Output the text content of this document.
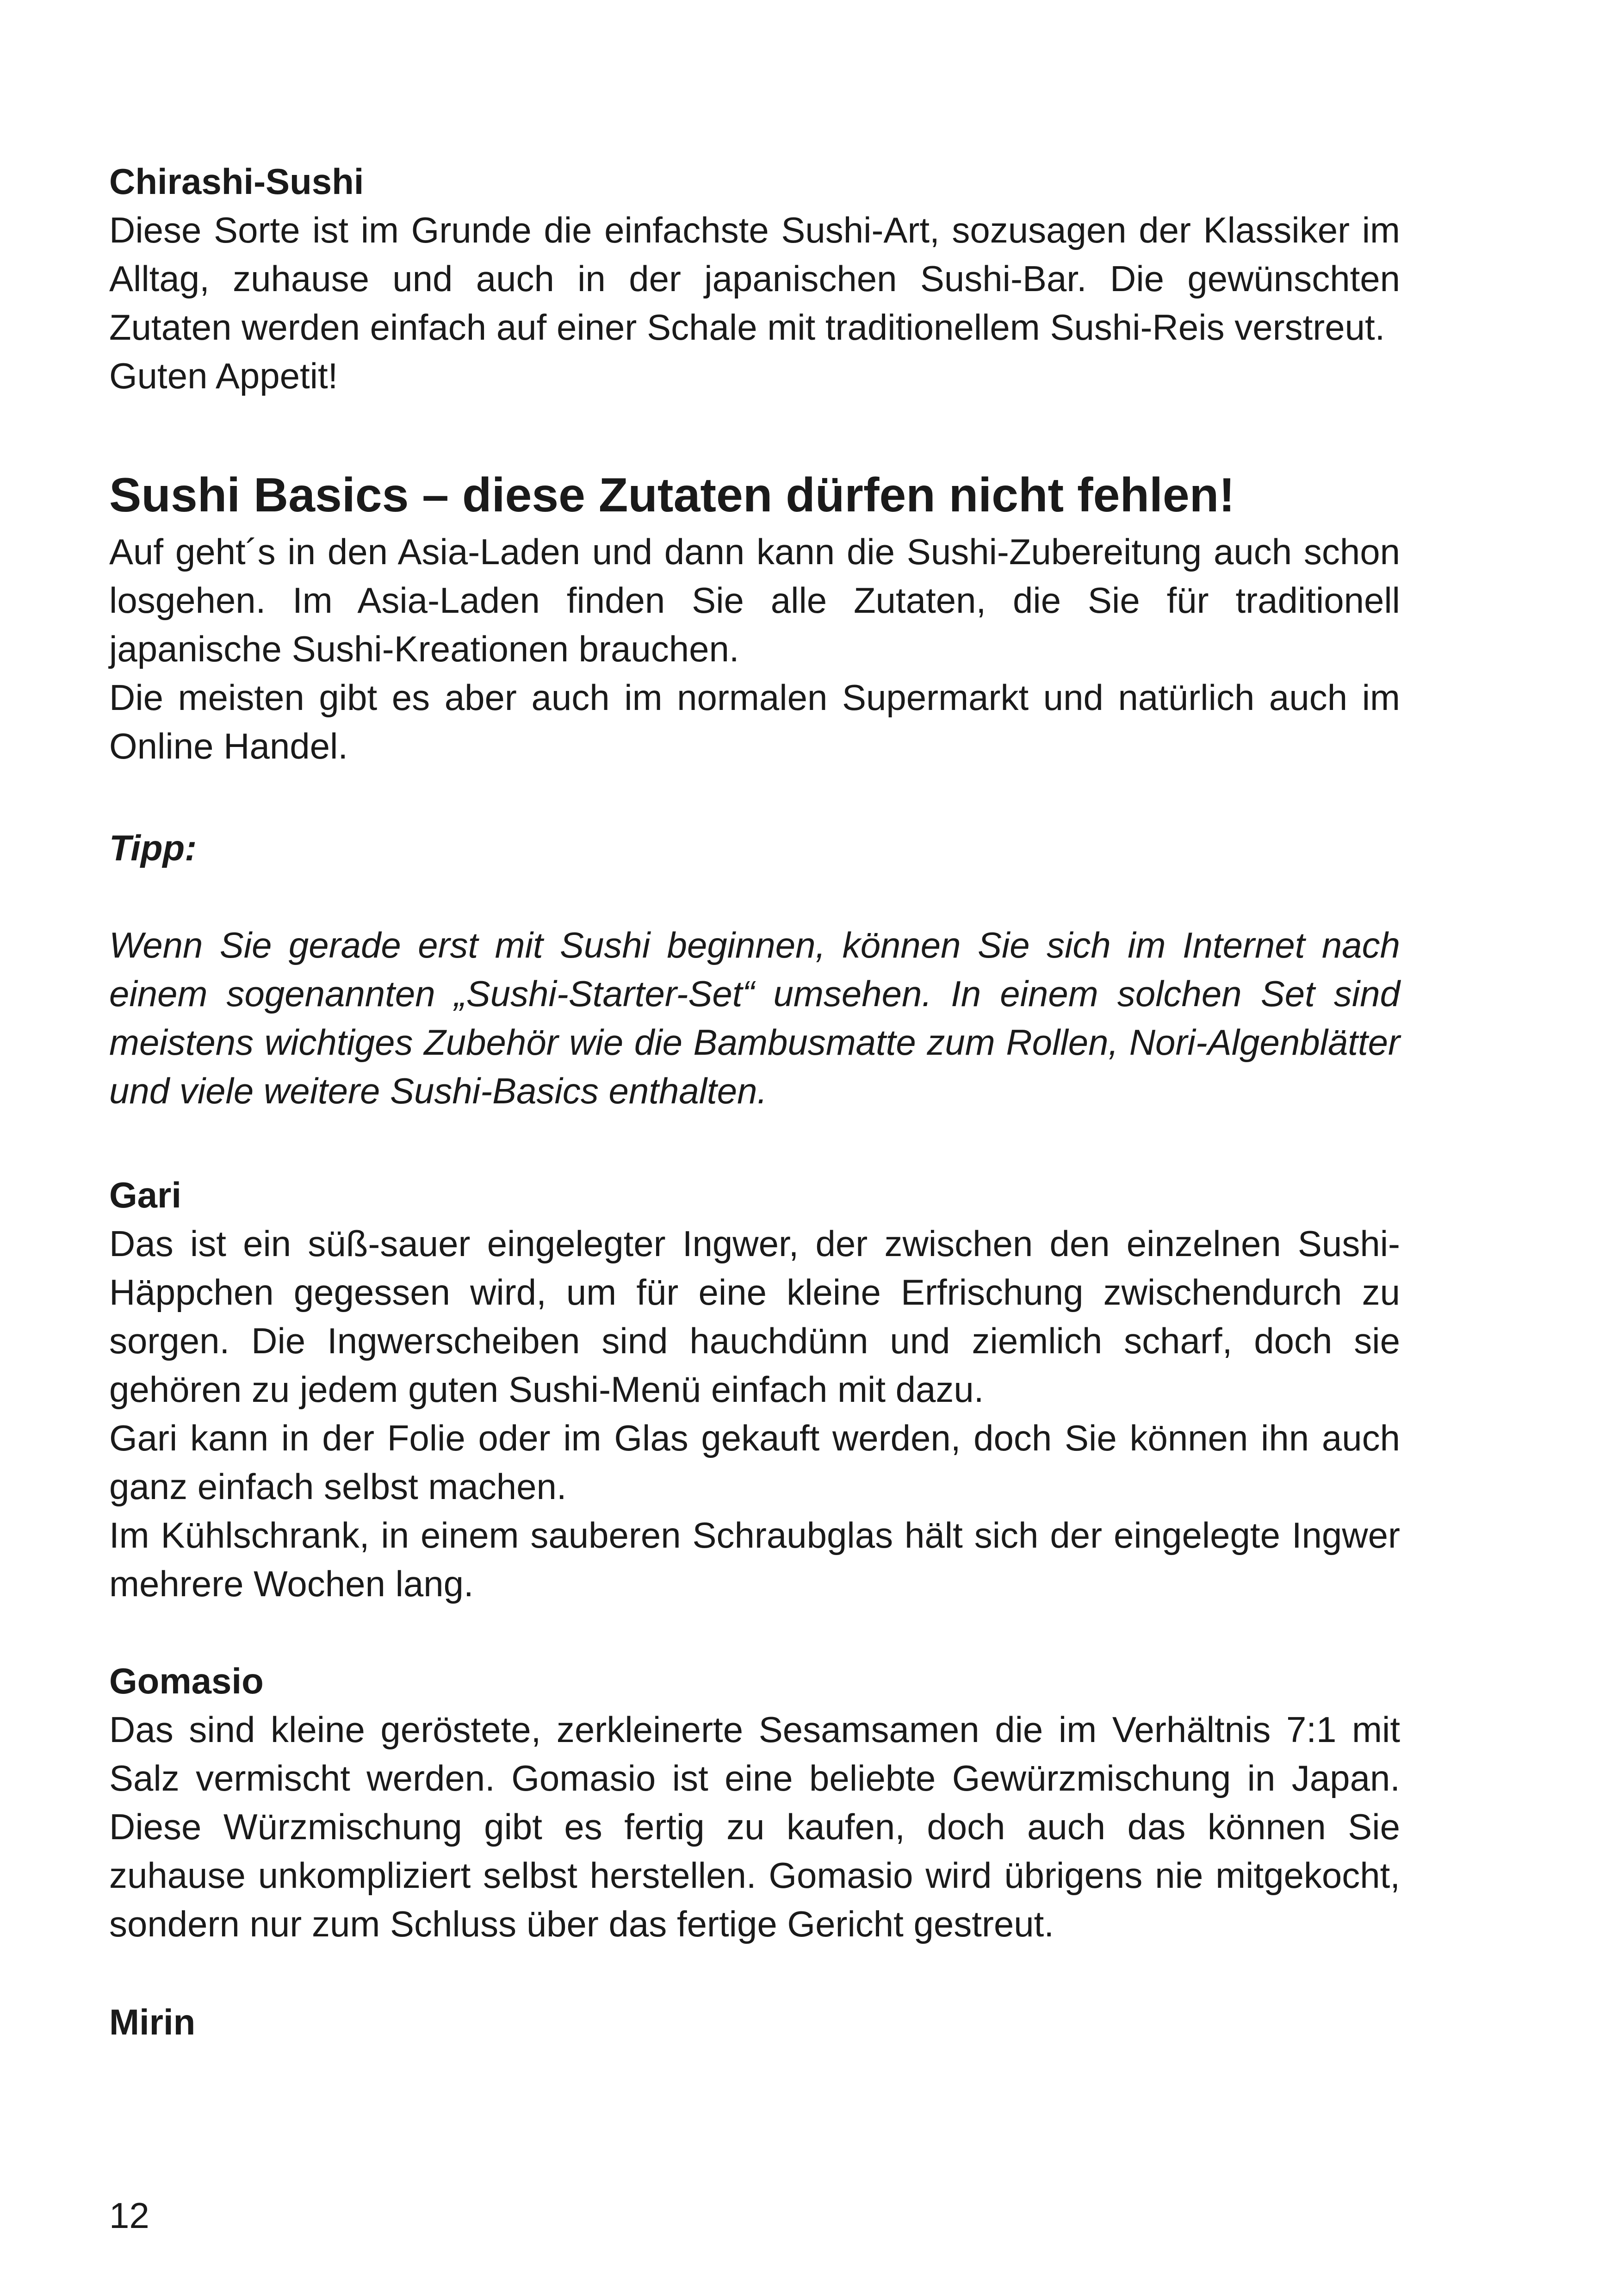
Chirashi-Sushi

Diese Sorte ist im Grunde die einfachste Sushi-Art, sozusagen der Klassiker im Alltag, zuhause und auch in der japanischen Sushi-Bar. Die gewünschten Zutaten werden einfach auf einer Schale mit traditionellem Sushi-Reis verstreut.

Guten Appetit!

Sushi Basics – diese Zutaten dürfen nicht fehlen!

Auf geht´s in den Asia-Laden und dann kann die Sushi-Zubereitung auch schon losgehen. Im Asia-Laden finden Sie alle Zutaten, die Sie für traditionell japanische Sushi-Kreationen brauchen.

Die meisten gibt es aber auch im normalen Supermarkt und natürlich auch im Online Handel.

Tipp:

Wenn Sie gerade erst mit Sushi beginnen, können Sie sich im Internet nach einem sogenannten „Sushi-Starter-Set“ umsehen. In einem solchen Set sind meistens wichtiges Zubehör wie die Bambusmatte zum Rollen, Nori-Algenblätter und viele weitere Sushi-Basics enthalten.

Gari

Das ist ein süß-sauer eingelegter Ingwer, der zwischen den einzelnen Sushi-Häppchen gegessen wird, um für eine kleine Erfrischung zwischendurch zu sorgen. Die Ingwerscheiben sind hauchdünn und ziemlich scharf, doch sie gehören zu jedem guten Sushi-Menü einfach mit dazu.

Gari kann in der Folie oder im Glas gekauft werden, doch Sie können ihn auch ganz einfach selbst machen.

Im Kühlschrank, in einem sauberen Schraubglas hält sich der eingelegte Ingwer mehrere Wochen lang.

Gomasio

Das sind kleine geröstete, zerkleinerte Sesamsamen die im Verhältnis 7:1 mit Salz vermischt werden. Gomasio ist eine beliebte Gewürzmischung in Japan. Diese Würzmischung gibt es fertig zu kaufen, doch auch das können Sie zuhause unkompliziert selbst herstellen. Gomasio wird übrigens nie mitgekocht, sondern nur zum Schluss über das fertige Gericht gestreut.

Mirin
12
